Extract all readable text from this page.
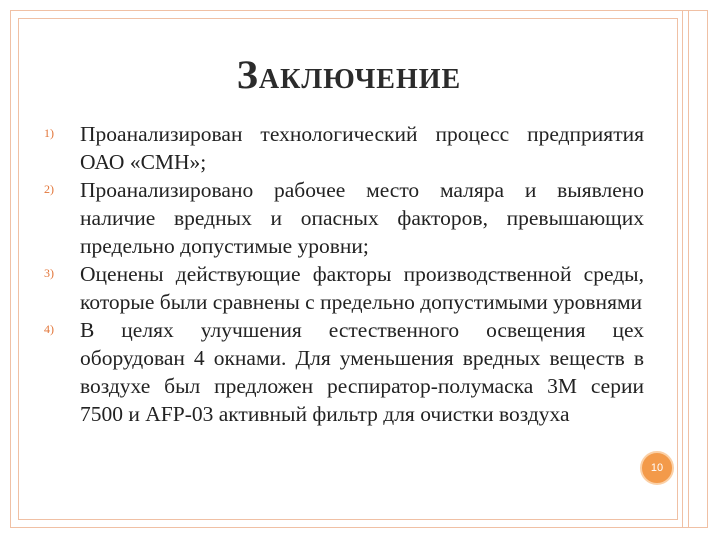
Заключение
1) Проанализирован технологический процесс предприятия ОАО «СМН»;
2) Проанализировано рабочее место маляра и выявлено наличие вредных и опасных факторов, превышающих предельно допустимые уровни;
3) Оценены действующие факторы производственной среды, которые были сравнены с предельно допустимыми уровнями
4) В целях улучшения естественного освещения цех оборудован 4 окнами. Для уменьшения вредных веществ в воздухе был предложен респиратор-полумаска 3М серии 7500 и AFP-03 активный фильтр для очистки воздуха
10
